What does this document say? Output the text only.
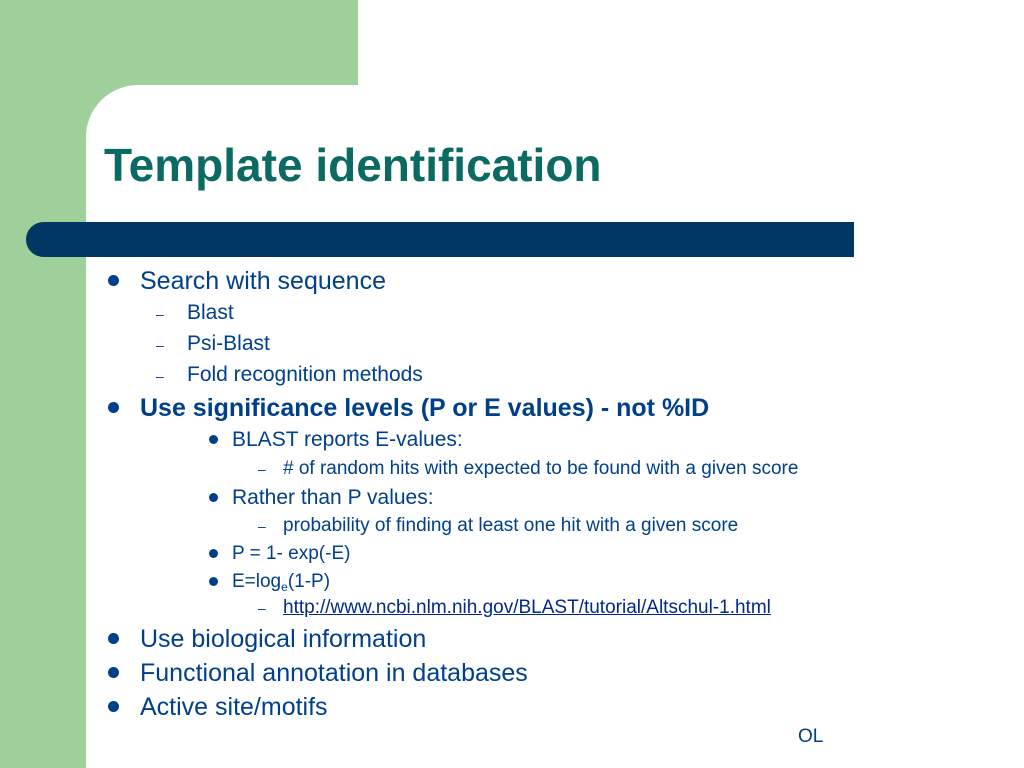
Template identification
Search with sequence
– Blast
– Psi-Blast
– Fold recognition methods
Use significance levels (P or E values) - not %ID
BLAST reports E-values:
– # of random hits with expected to be found with a given score
Rather than P values:
– probability of finding at least one hit with a given score
P = 1- exp(-E)
$E=\log_e(1-P)$
– http://www.ncbi.nlm.nih.gov/BLAST/tutorial/Altschul-1.html
Use biological information
Functional annotation in databases
Active site/motifs
OL
